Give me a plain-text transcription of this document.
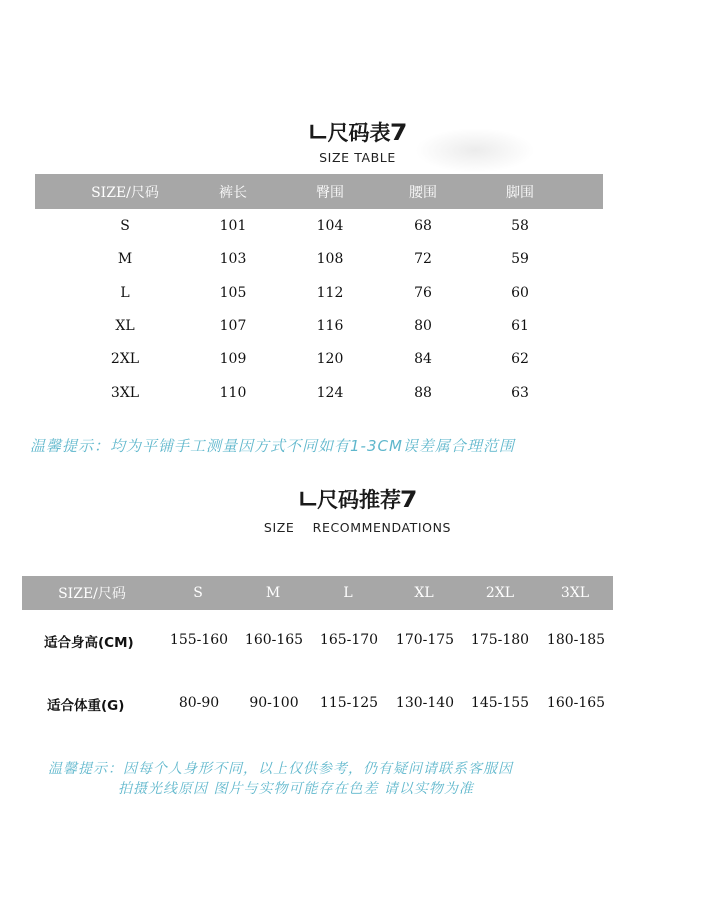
∟尺码表7
SIZE TABLE
SIZE/尺码	裤长	臀围	腰围	脚围
S	101	104	68	58
M	103	108	72	59
L	105	112	76	60
XL	107	116	80	61
2XL	109	120	84	62
3XL	110	124	88	63
温馨提示：均为平铺手工测量因方式不同如有1-3CM误差属合理范围
∟尺码推荐7
SIZE    RECOMMENDATIONS
SIZE/尺码	S	M	L	XL	2XL	3XL
适合身高(CM)	155-160 160-165 165-170 170-175 175-180 180-185
适合体重(G)	80-90	90-100	115-125 130-140 145-155 160-165
温馨提示：因每个人身形不同，以上仅供参考，仍有疑问请联系客服因
拍摄光线原因 图片与实物可能存在色差 请以实物为准
